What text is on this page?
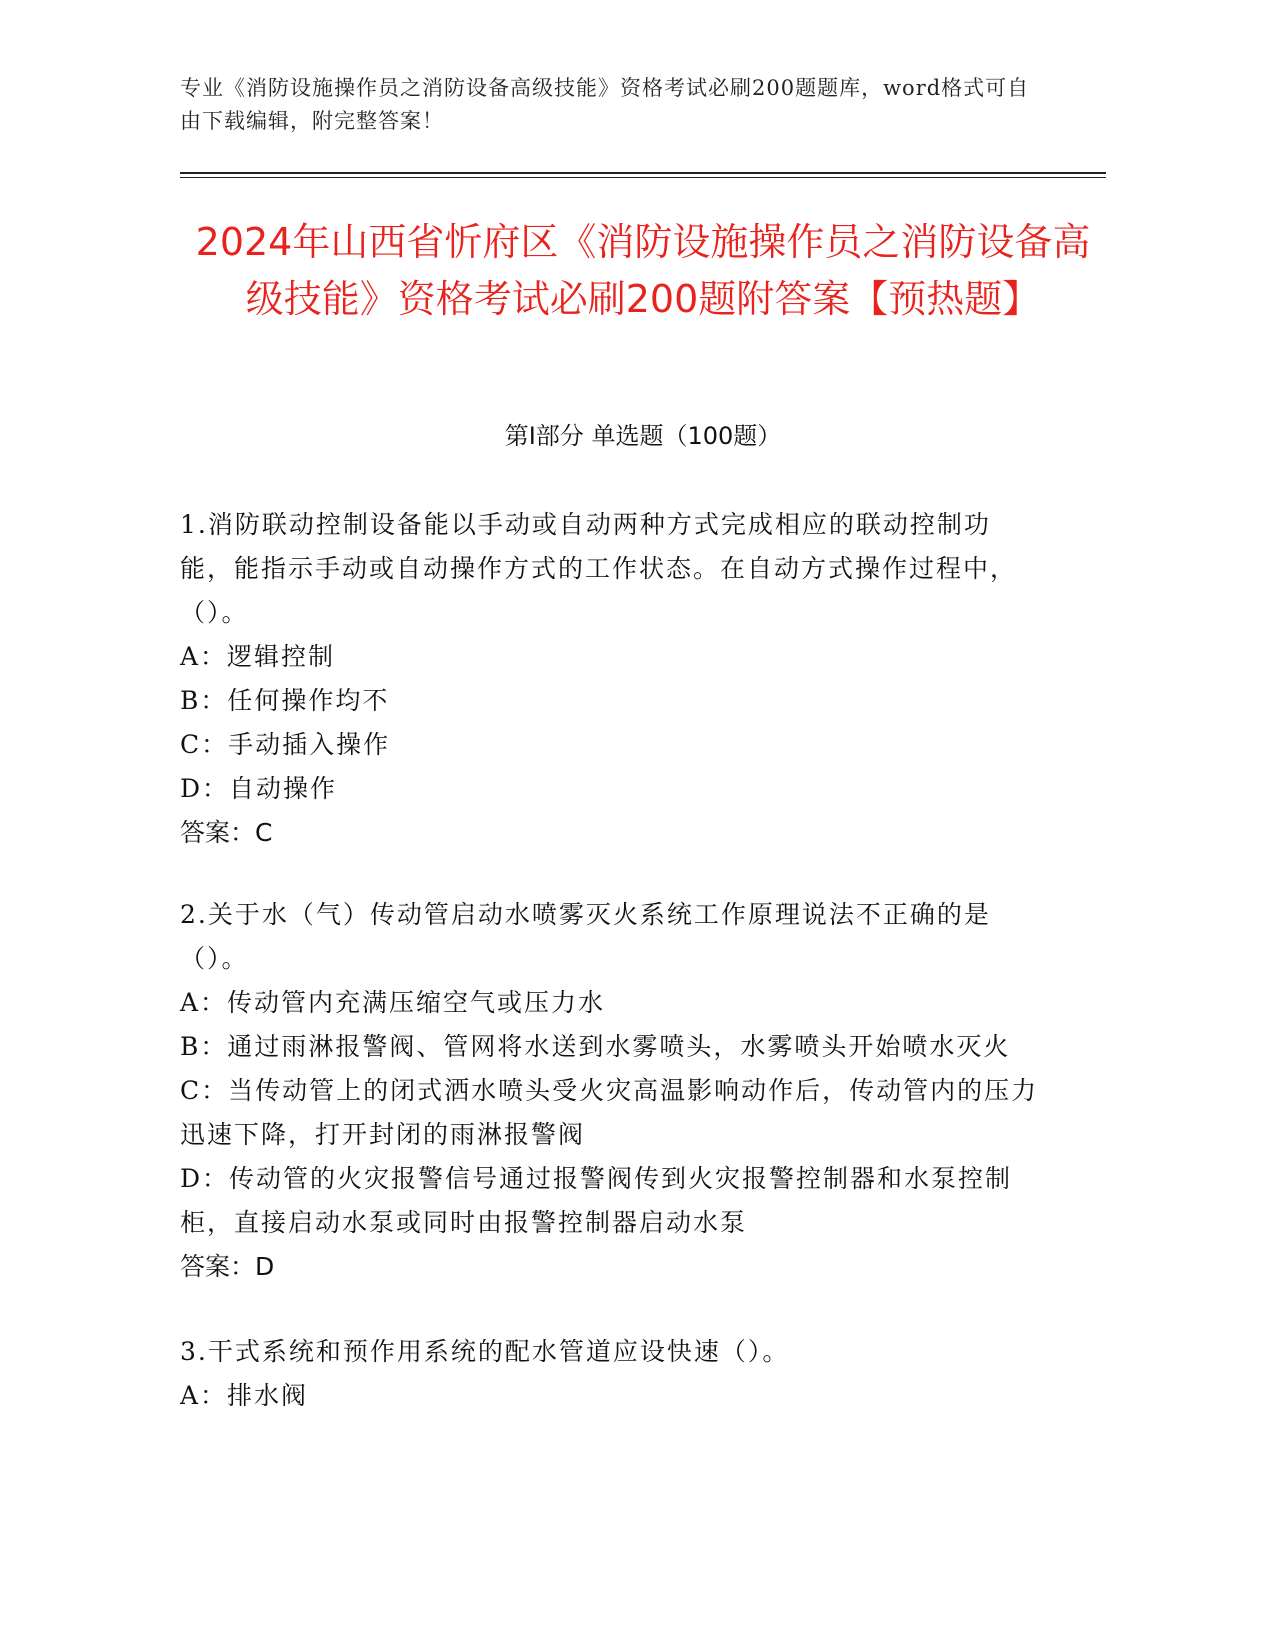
专业《消防设施操作员之消防设备高级技能》资格考试必刷200题题库，word格式可自由下载编辑，附完整答案！
2024年山西省忻府区《消防设施操作员之消防设备高级技能》资格考试必刷200题附答案【预热题】
第Ⅰ部分 单选题（100题）

1.消防联动控制设备能以手动或自动两种方式完成相应的联动控制功能，能指示手动或自动操作方式的工作状态。在自动方式操作过程中，（）。

A：逻辑控制

B：任何操作均不

C：手动插入操作

D：自动操作

答案：C

2.关于水（气）传动管启动水喷雾灭火系统工作原理说法不正确的是（）。

A：传动管内充满压缩空气或压力水

B：通过雨淋报警阀、管网将水送到水雾喷头，水雾喷头开始喷水灭火

C：当传动管上的闭式洒水喷头受火灾高温影响动作后，传动管内的压力迅速下降，打开封闭的雨淋报警阀

D：传动管的火灾报警信号通过报警阀传到火灾报警控制器和水泵控制柜，直接启动水泵或同时由报警控制器启动水泵

答案：D

3.干式系统和预作用系统的配水管道应设快速（）。

A：排水阀
